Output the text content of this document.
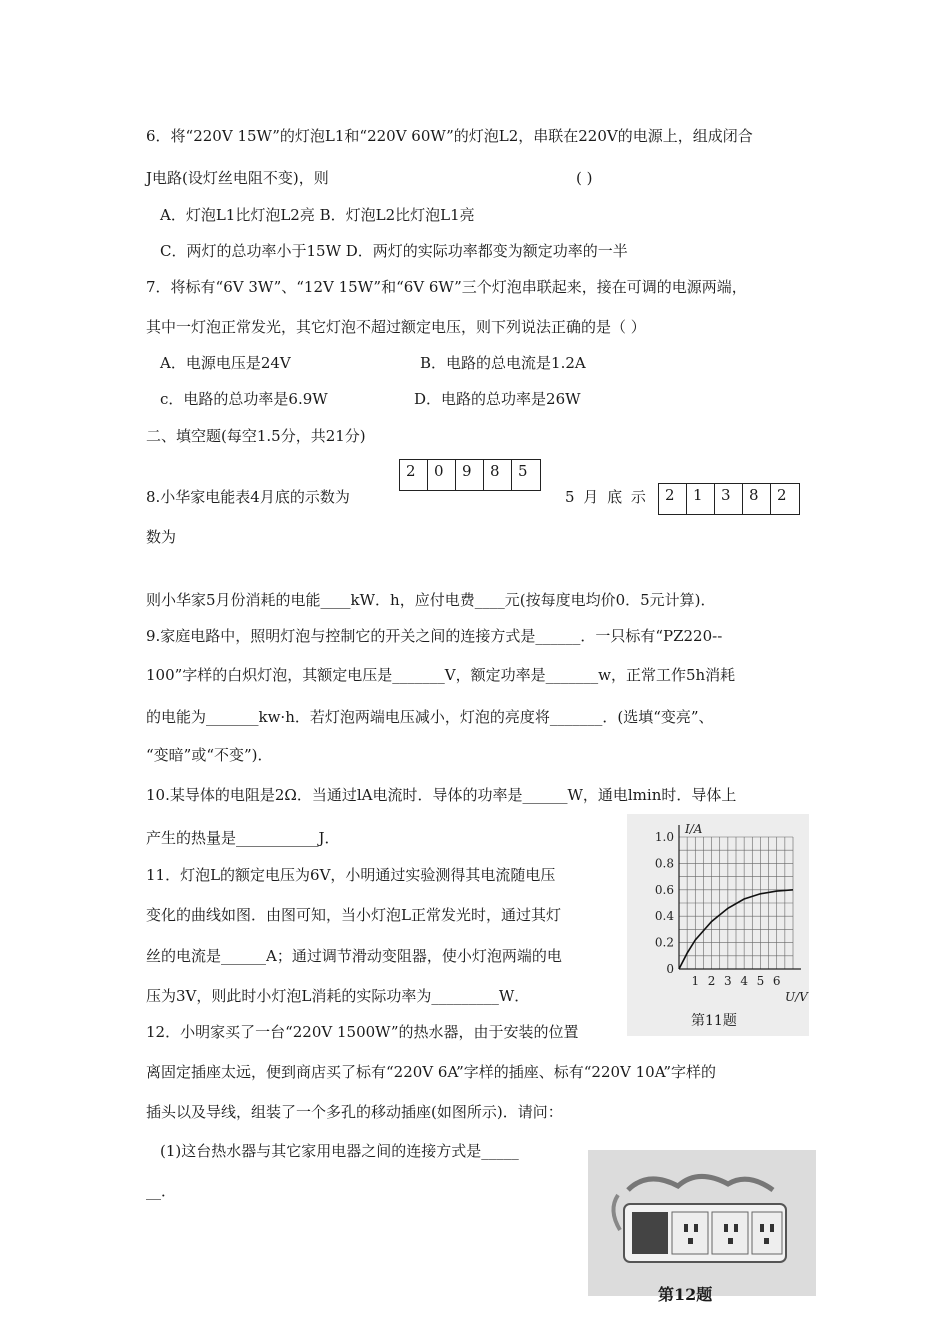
6．将“220V 15W”的灯泡L1和“220V 60W”的灯泡L2，串联在220V的电源上，组成闭合
J电路(设灯丝电阻不变)，则	( )
A．灯泡L1比灯泡L2亮 B．灯泡L2比灯泡L1亮
C．两灯的总功率小于15W D．两灯的实际功率都变为额定功率的一半
7．将标有“6V 3W”、“12V 15W”和“6V 6W”三个灯泡串联起来，接在可调的电源两端，
其中一灯泡正常发光，其它灯泡不超过额定电压，则下列说法正确的是（ ）
A．电源电压是24V	B．电路的总电流是1.2A
c．电路的总功率是6.9W	D．电路的总功率是26W
二、填空题(每空1.5分，共21分)
2	0	9	8	5
8.小华家电能表4月底的示数为	5 月 底 示	2	1	3	8	2
数为
则小华家5月份消耗的电能____kW．h，应付电费____元(按每度电均价0．5元计算)．
9.家庭电路中，照明灯泡与控制它的开关之间的连接方式是______．一只标有“PZ220--
100”字样的白炽灯泡，其额定电压是_______V，额定功率是_______w，正常工作5h消耗
的电能为_______kw·h．若灯泡两端电压减小，灯泡的亮度将_______．(选填“变亮”、
“变暗”或“不变”)．
10.某导体的电阻是2Ω．当通过lA电流时．导体的功率是______W，通电lmin时．导体上
产生的热量是___________J．
11．灯泡L的额定电压为6V，小明通过实验测得其电流随电压
变化的曲线如图．由图可知，当小灯泡L正常发光时，通过其灯
丝的电流是______A；通过调节滑动变阻器，使小灯泡两端的电
压为3V，则此时小灯泡L消耗的实际功率为_________W．
1.0
0.8
0.6
0.4
0.2
0
1 2 3 4 5 6
I/A
U/V
第11题
12．小明家买了一台“220V 1500W”的热水器，由于安装的位置
离固定插座太远，便到商店买了标有“220V 6A”字样的插座、标有“220V 10A”字样的
插头以及导线，组装了一个多孔的移动插座(如图所示)．请问：
(1)这台热水器与其它家用电器之间的连接方式是_____
__．
第12题
